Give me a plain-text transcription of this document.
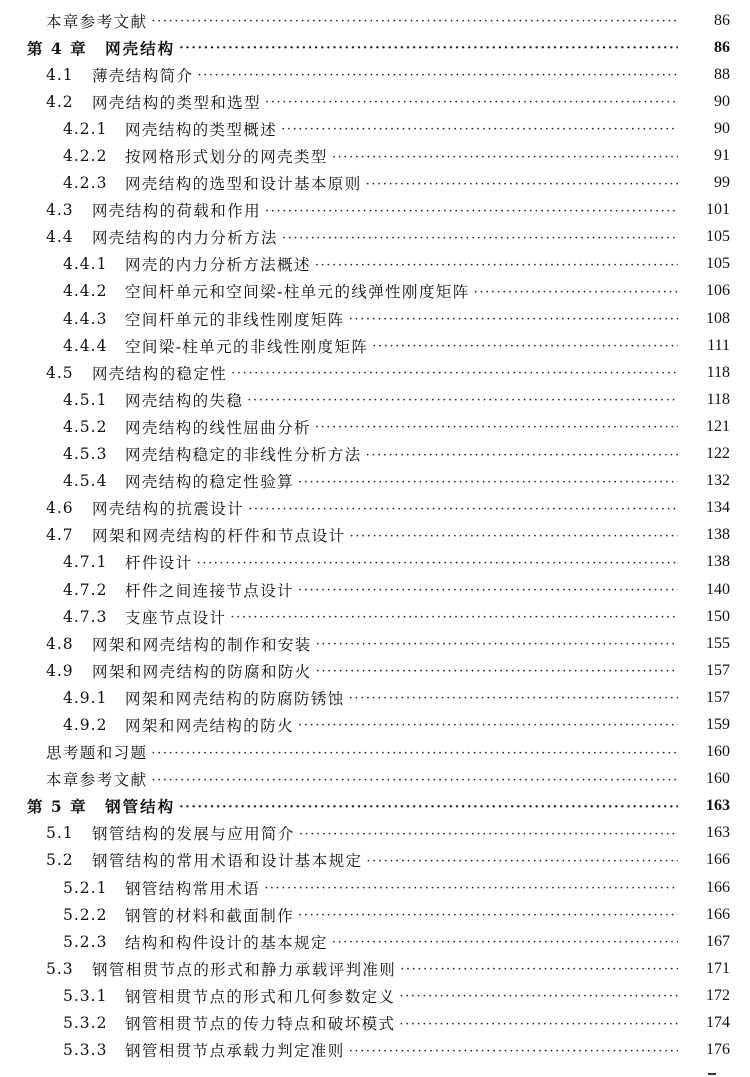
本章参考文献 ·····	86
第 4 章 网壳结构 ·····	86
4.1	薄壳结构简介 ·····	88
4.2	网壳结构的类型和选型 ·····	90
4.2.1	网壳结构的类型概述 ·····	90
4.2.2	按网格形式划分的网壳类型 ·····	91
4.2.3	网壳结构的选型和设计基本原则 ·····	99
4.3	网壳结构的荷载和作用 ·····	101
4.4	网壳结构的内力分析方法 ·····	105
4.4.1	网壳的内力分析方法概述 ·····	105
4.4.2	空间杆单元和空间梁-柱单元的线弹性刚度矩阵 ·····	106
4.4.3	空间杆单元的非线性刚度矩阵 ·····	108
4.4.4	空间梁-柱单元的非线性刚度矩阵 ·····	111
4.5	网壳结构的稳定性 ·····	118
4.5.1	网壳结构的失稳 ·····	118
4.5.2	网壳结构的线性屈曲分析 ·····	121
4.5.3	网壳结构稳定的非线性分析方法 ·····	122
4.5.4	网壳结构的稳定性验算 ·····	132
4.6	网壳结构的抗震设计 ·····	134
4.7	网架和网壳结构的杆件和节点设计 ·····	138
4.7.1	杆件设计 ·····	138
4.7.2	杆件之间连接节点设计 ·····	140
4.7.3	支座节点设计 ·····	150
4.8	网架和网壳结构的制作和安装 ·····	155
4.9	网架和网壳结构的防腐和防火 ·····	157
4.9.1	网架和网壳结构的防腐防锈蚀 ·····	157
4.9.2	网架和网壳结构的防火 ·····	159
思考题和习题 ·····	160
本章参考文献 ·····	160
第 5 章 钢管结构 ·····	163
5.1	钢管结构的发展与应用简介 ·····	163
5.2	钢管结构的常用术语和设计基本规定 ·····	166
5.2.1	钢管结构常用术语 ·····	166
5.2.2	钢管的材料和截面制作 ·····	166
5.2.3	结构和构件设计的基本规定 ·····	167
5.3	钢管相贯节点的形式和静力承载评判准则 ·····	171
5.3.1	钢管相贯节点的形式和几何参数定义 ·····	172
5.3.2	钢管相贯节点的传力特点和破坏模式 ·····	174
5.3.3	钢管相贯节点承载力判定准则 ·····	176
